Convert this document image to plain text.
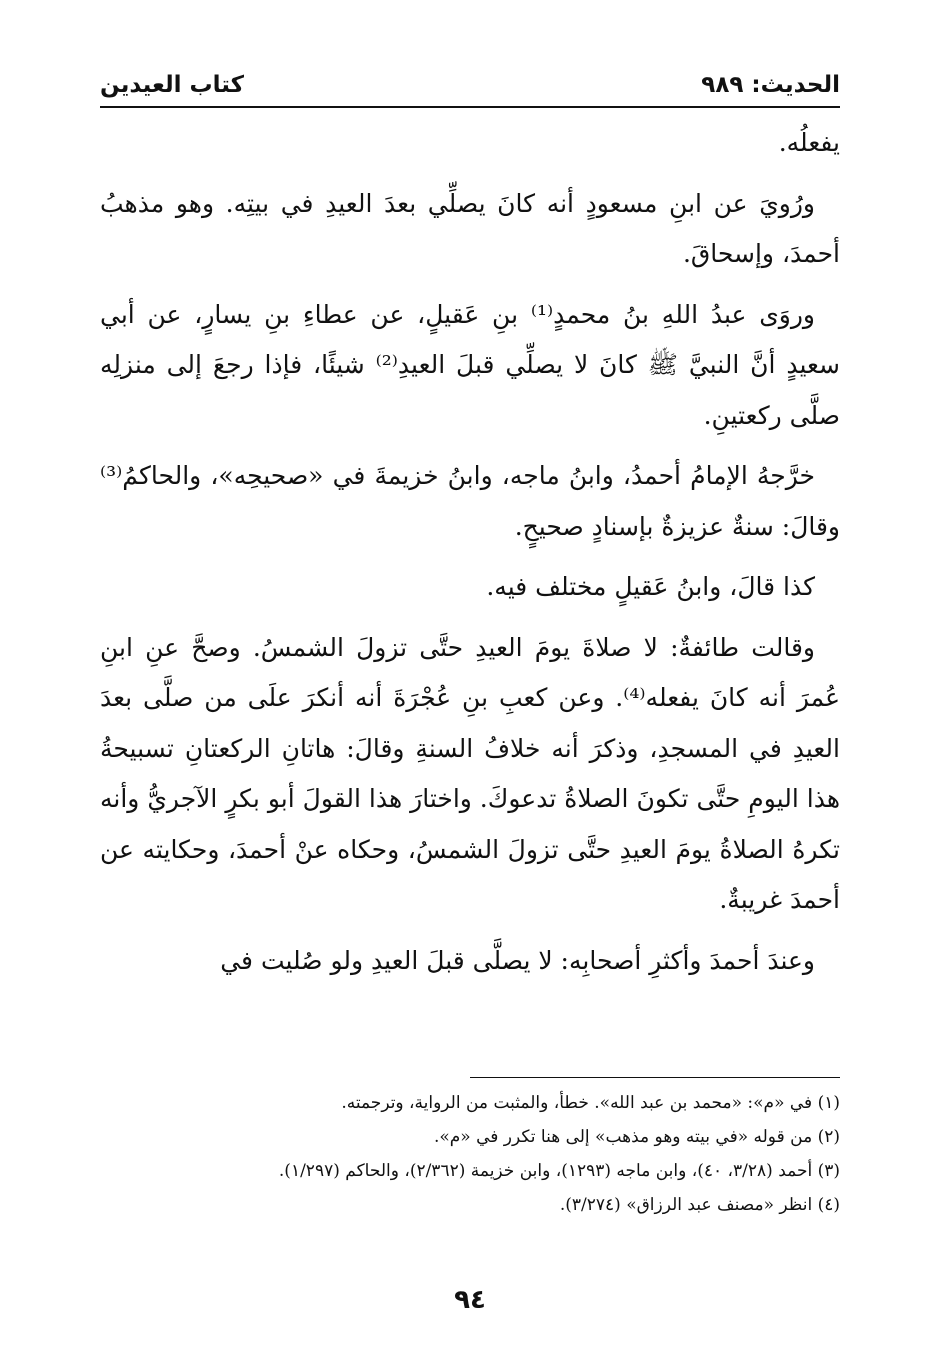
كتاب العيدين	الحديث: ٩٨٩

يفعلُه.

ورُويَ عن ابنِ مسعودٍ أنه كانَ يصلِّي بعدَ العيدِ في بيتِه. وهو مذهبُ أحمدَ، وإسحاقَ.

وروَى عبدُ اللهِ بنُ محمدٍ⁽¹⁾ بنِ عَقيلٍ، عن عطاءِ بنِ يسارٍ، عن أبي سعيدٍ أنَّ النبيَّ ﷺ كانَ لا يصلِّي قبلَ العيدِ⁽²⁾ شيئًا، فإذا رجعَ إلى منزلِه صلَّى ركعتينِ.

خرَّجهُ الإمامُ أحمدُ، وابنُ ماجه، وابنُ خزيمةَ في «صحيحِه»، والحاكمُ⁽³⁾ وقالَ: سنةٌ عزيزةٌ بإسنادٍ صحيحٍ.

كذا قالَ، وابنُ عَقيلٍ مختلف فيه.

وقالت طائفةٌ: لا صلاةَ يومَ العيدِ حتَّى تزولَ الشمسُ. وصحَّ عنِ ابنِ عُمرَ أنه كانَ يفعله⁽⁴⁾. وعن كعبِ بنِ عُجْرَةَ أنه أنكرَ علَى من صلَّى بعدَ العيدِ في المسجدِ، وذكرَ أنه خلافُ السنةِ وقالَ: هاتانِ الركعتانِ تسبيحةُ هذا اليومِ حتَّى تكونَ الصلاةُ تدعوكَ. واختارَ هذا القولَ أبو بكرٍ الآجريُّ وأنه تكرهُ الصلاةُ يومَ العيدِ حتَّى تزولَ الشمسُ، وحكاه عنْ أحمدَ، وحكايته عن أحمدَ غريبةٌ.

وعندَ أحمدَ وأكثرِ أصحابِه: لا يصلَّى قبلَ العيدِ ولو صُليت في

(١) في «م»: «محمد بن عبد الله». خطأ، والمثبت من الرواية، وترجمته.

(٢) من قوله «في بيته وهو مذهب» إلى هنا تكرر في «م».

(٣) أحمد (٣/٢٨، ٤٠)، وابن ماجه (١٢٩٣)، وابن خزيمة (٢/٣٦٢)، والحاكم (١/٢٩٧).

(٤) انظر «مصنف عبد الرزاق» (٣/٢٧٤).

٩٤
